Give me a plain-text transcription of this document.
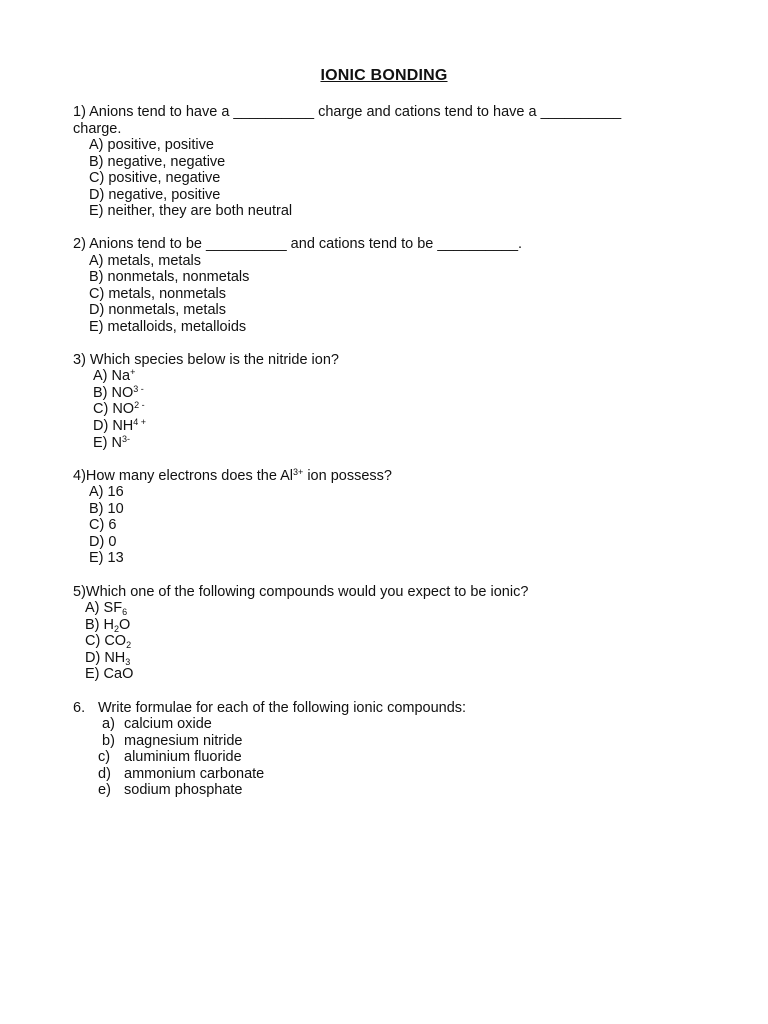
IONIC BONDING
1) Anions tend to have a __________ charge and cations tend to have a __________
charge.
A) positive, positive
B) negative, negative
C) positive, negative
D) negative, positive
E) neither, they are both neutral
2) Anions tend to be __________ and cations tend to be __________.
A) metals, metals
B) nonmetals, nonmetals
C) metals, nonmetals
D) nonmetals, metals
E) metalloids, metalloids
3) Which species below is the nitride ion?
A) Na+
B) $NO^{3 -}$
C) $NO^{2 -}$
D) $NH^{4 +}$
E) $N^{3-}$
4)How many electrons does the $Al^{3+}$ ion possess?
A) 16
B) 10
C) 6
D) 0
E) 13
5)Which one of the following compounds would you expect to be ionic?
A) $SF_6$
B) $H_2O$
C) $CO_2$
D) $NH_3$
E) CaO
6. Write formulae for each of the following ionic compounds:
a) calcium oxide
b) magnesium nitride
c) aluminium fluoride
d) ammonium carbonate
e) sodium phosphate
